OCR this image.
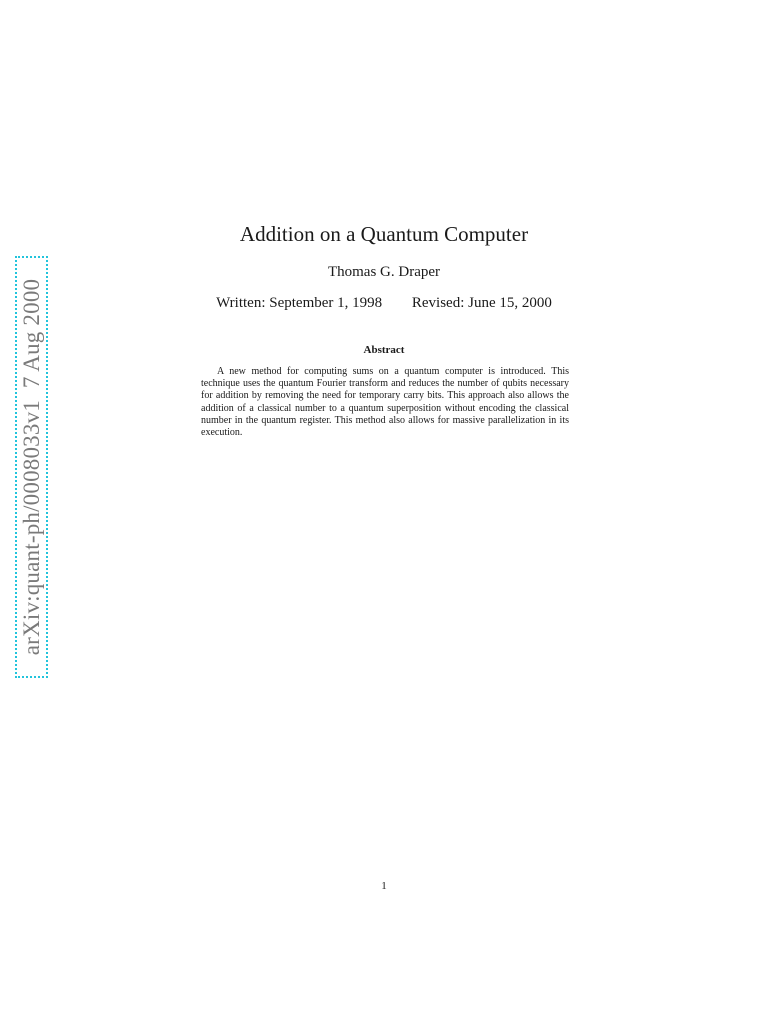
arXiv:quant-ph/0008033v1  7 Aug 2000
Addition on a Quantum Computer
Thomas G. Draper
Written: September 1, 1998 Revised: June 15, 2000
Abstract
A new method for computing sums on a quantum computer is introduced. This technique uses the quantum Fourier transform and reduces the number of qubits necessary for addition by removing the need for temporary carry bits. This approach also allows the addition of a classical number to a quantum superposition without encoding the classical number in the quantum register. This method also allows for massive parallelization in its execution.
1
